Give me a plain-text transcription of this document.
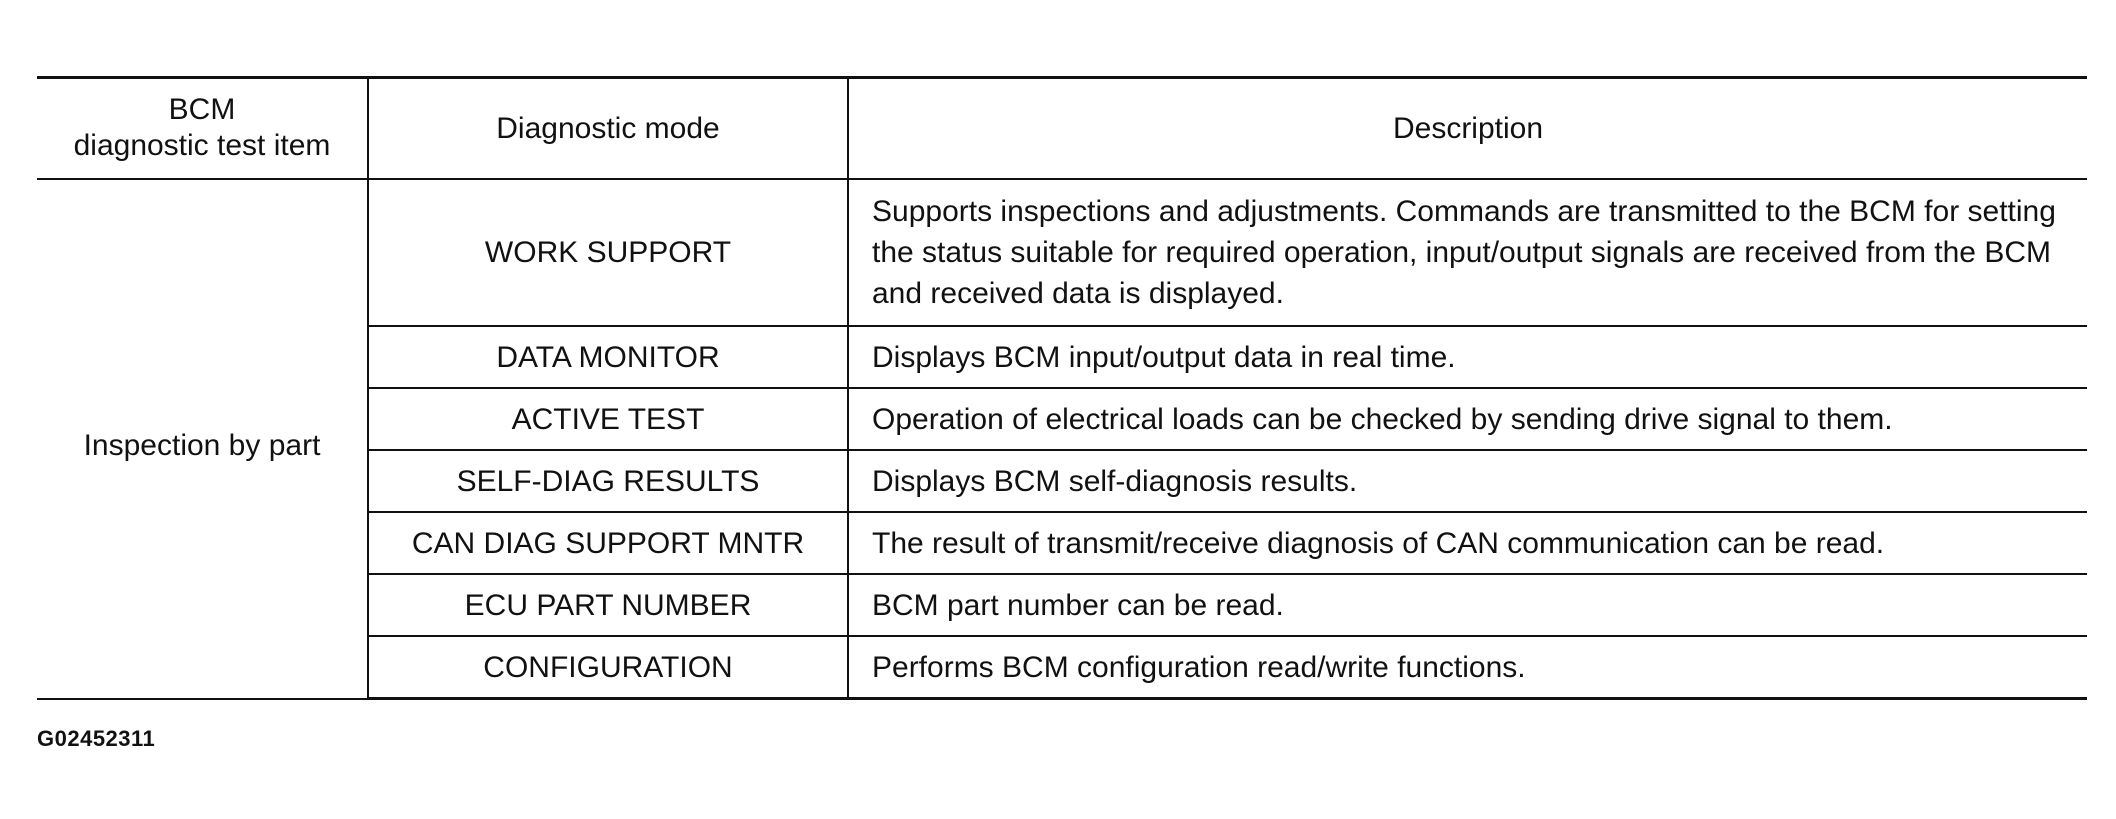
BCM
diagnostic test item	Diagnostic mode	Description
Inspection by part	WORK SUPPORT	Supports inspections and adjustments. Commands are transmitted to the BCM for setting the status suitable for required operation, input/output signals are received from the BCM and received data is displayed.
	DATA MONITOR	Displays BCM input/output data in real time.
	ACTIVE TEST	Operation of electrical loads can be checked by sending drive signal to them.
	SELF-DIAG RESULTS	Displays BCM self-diagnosis results.
	CAN DIAG SUPPORT MNTR	The result of transmit/receive diagnosis of CAN communication can be read.
	ECU PART NUMBER	BCM part number can be read.
	CONFIGURATION	Performs BCM configuration read/write functions.
G02452311
